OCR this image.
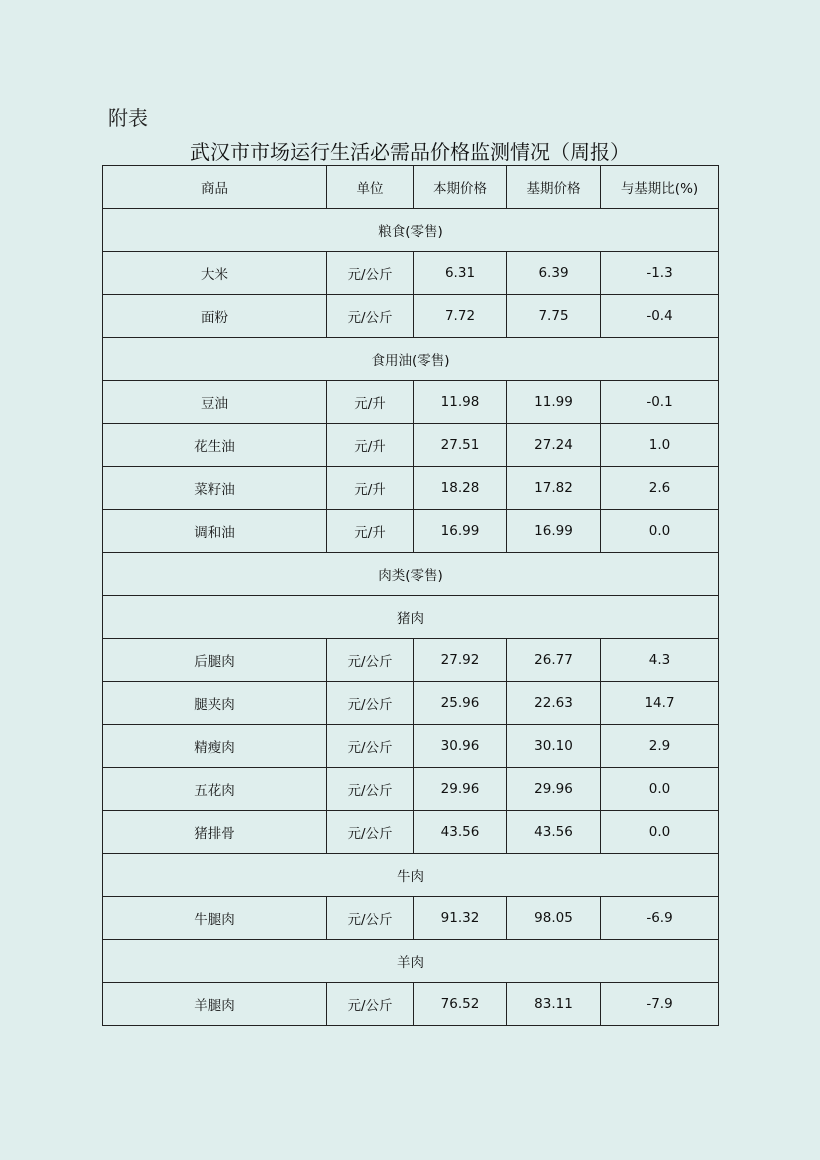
附表
武汉市市场运行生活必需品价格监测情况（周报）
商品	单位	本期价格	基期价格	与基期比(%)
粮食(零售)				
大米	元/公斤	6.31	6.39	-1.3
面粉	元/公斤	7.72	7.75	-0.4
食用油(零售)				
豆油	元/升	11.98	11.99	-0.1
花生油	元/升	27.51	27.24	1.0
菜籽油	元/升	18.28	17.82	2.6
调和油	元/升	16.99	16.99	0.0
肉类(零售)				
猪肉				
后腿肉	元/公斤	27.92	26.77	4.3
腿夹肉	元/公斤	25.96	22.63	14.7
精瘦肉	元/公斤	30.96	30.10	2.9
五花肉	元/公斤	29.96	29.96	0.0
猪排骨	元/公斤	43.56	43.56	0.0
牛肉				
牛腿肉	元/公斤	91.32	98.05	-6.9
羊肉				
羊腿肉	元/公斤	76.52	83.11	-7.9
